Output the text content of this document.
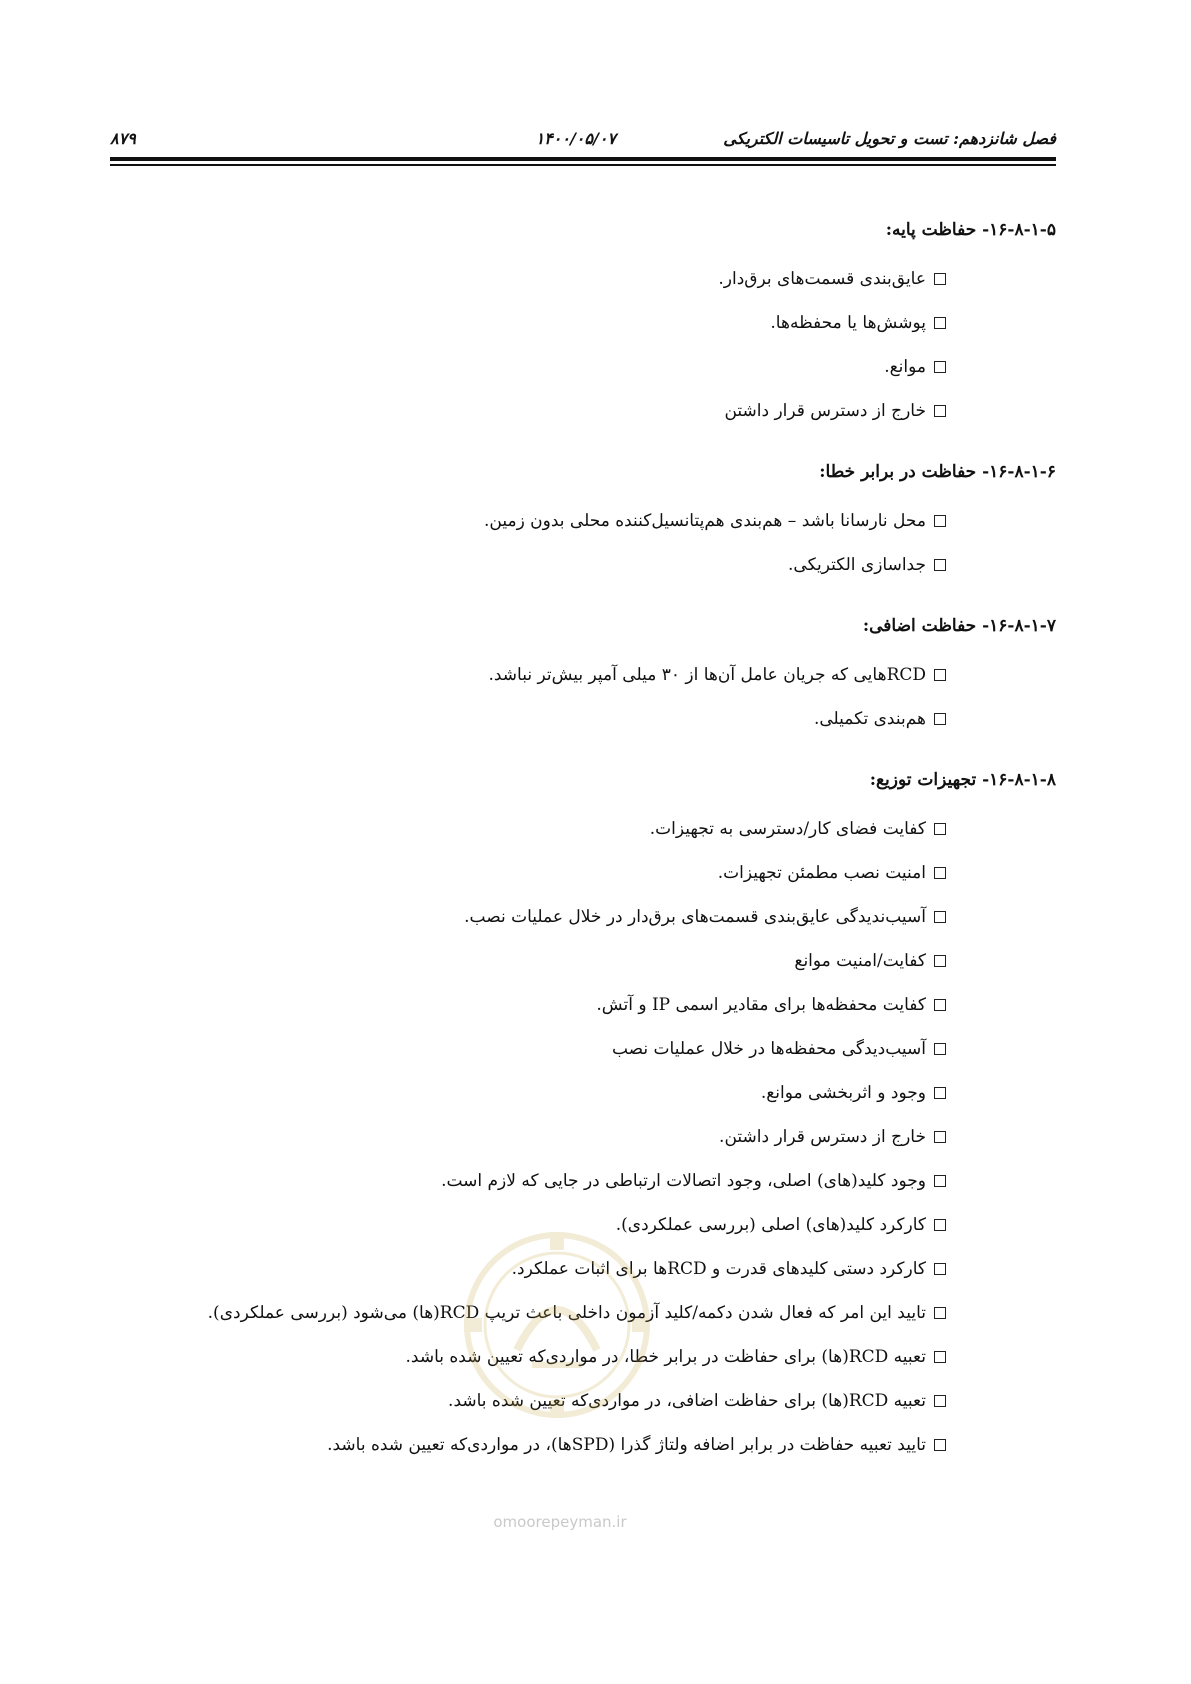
فصل شانزدهم: تست و تحویل تاسیسات الکتریکی
۱۴۰۰/۰۵/۰۷
۸۷۹
۱۶-۸-۱-۵- حفاظت پایه:
عایق‌بندی قسمت‌های برق‌دار.
پوشش‌ها یا محفظه‌ها.
موانع.
خارج از دسترس قرار داشتن
۱۶-۸-۱-۶- حفاظت در برابر خطا:
محل نارسانا باشد – هم‌بندی هم‌پتانسیل‌کننده محلی بدون زمین.
جداسازی الکتریکی.
۱۶-۸-۱-۷- حفاظت اضافی:
RCDهایی که جریان عامل آن‌ها از ۳۰ میلی آمپر بیش‌تر نباشد.
هم‌بندی تکمیلی.
۱۶-۸-۱-۸- تجهیزات توزیع:
کفایت فضای کار/دسترسی به تجهیزات.
امنیت نصب مطمئن تجهیزات.
آسیب‌ندیدگی عایق‌بندی قسمت‌های برق‌دار در خلال عملیات نصب.
کفایت/امنیت موانع
کفایت محفظه‌ها برای مقادیر اسمی IP و آتش.
آسیب‌دیدگی محفظه‌ها در خلال عملیات نصب
وجود و اثربخشی موانع.
خارج از دسترس قرار داشتن.
وجود کلید(های) اصلی، وجود اتصالات ارتباطی در جایی که لازم است.
کارکرد کلید(های) اصلی (بررسی عملکردی).
کارکرد دستی کلیدهای قدرت و RCDها برای اثبات عملکرد.
تایید این امر که فعال شدن دکمه/کلید آزمون داخلی باعث تریپ RCD(ها) می‌شود (بررسی عملکردی).
تعبیه RCD(ها) برای حفاظت در برابر خطا، در مواردی‌که تعیین شده باشد.
تعبیه RCD(ها) برای حفاظت اضافی، در مواردی‌که تعیین شده باشد.
تایید تعبیه حفاظت در برابر اضافه ولتاژ گذرا (SPDها)، در مواردی‌که تعیین شده باشد.
omoorepeyman.ir
